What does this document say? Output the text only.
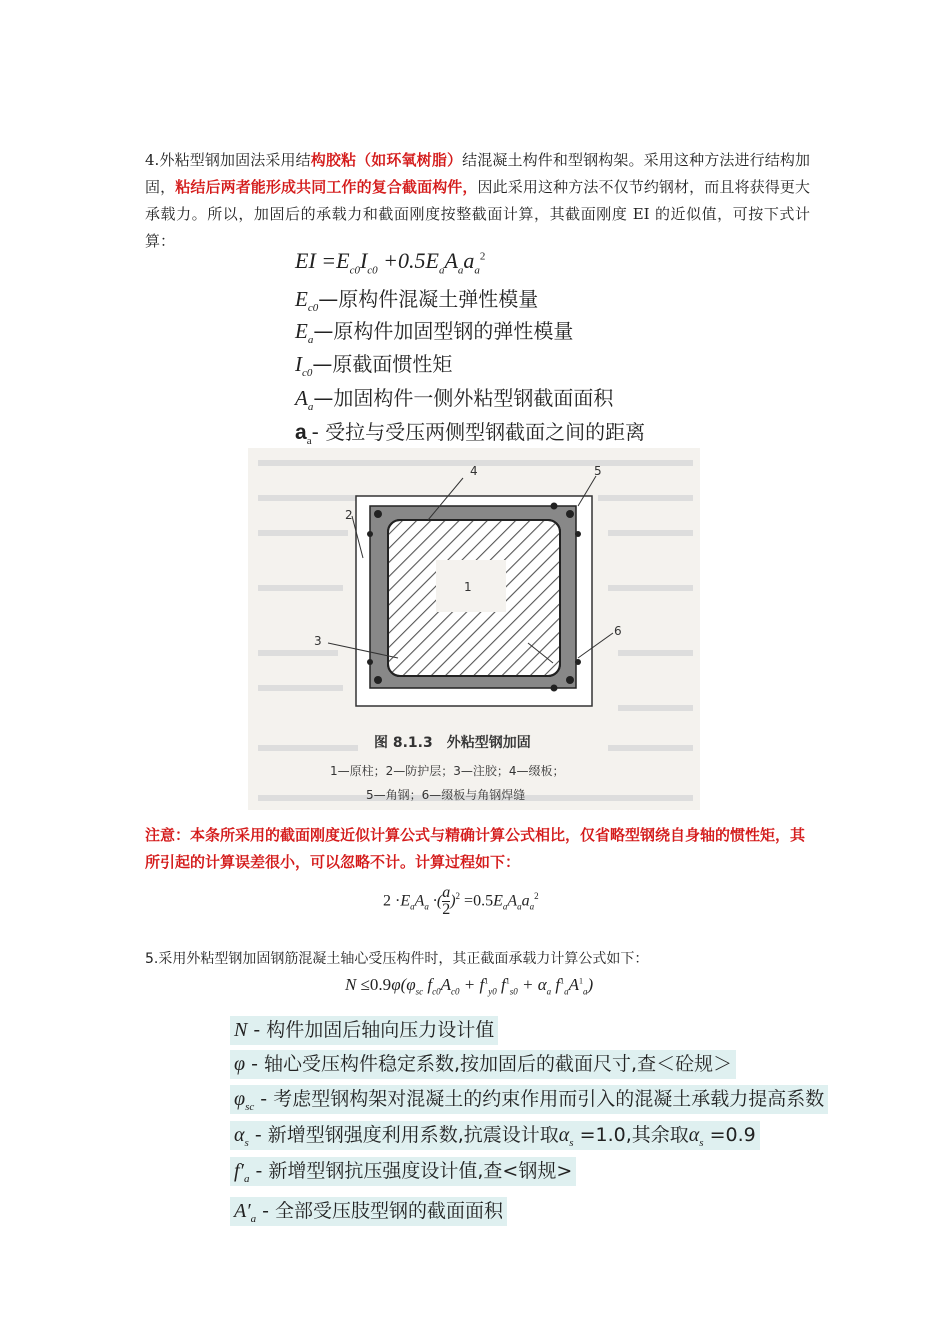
4.外粘型钢加固法采用结构胶粘（如环氧树脂）结混凝土构件和型钢构架。采用这种方法进行结构加固，粘结后两者能形成共同工作的复合截面构件，因此采用这种方法不仅节约钢材，而且将获得更大承载力。所以，加固后的承载力和截面刚度按整截面计算，其截面刚度 EI 的近似值，可按下式计算：
EI $=E_{c0}I_{c0} +0.5E_aA_aa_a^2$
$E_{c0}—$原构件混凝土弹性模量
$E_a—$原构件加固型钢的弹性模量
$I_{c0}—$原截面惯性矩
$A_a—$加固构件一侧外粘型钢截面面积
$a_a-$ 受拉与受压两侧型钢截面之间的距离
4	5
2
1
3
6
图 8.1.3　外粘型钢加固
1—原柱；2—防护层；3—注胶；4—缀板；
5—角钢；6—缀板与角钢焊缝
注意：本条所采用的截面刚度近似计算公式与精确计算公式相比，仅省略型钢绕自身轴的惯性矩，其所引起的计算误差很小，可以忽略不计。计算过程如下：
$2 \cdot E_aA_a$ ·( $\frac{a}{2} )^2 =0.5E_aA_aa_a^2$
5.采用外粘型钢加固钢筋混凝土轴心受压构件时，其正截面承载力计算公式如下：
$N \le 0.9\varphi(\varphi_{sc}$ $f_{c0}A_{c0} + f^1_{y0}$ $f^1_{s0} + \alpha_a$ $f^1_aA^1_a$)
N - 构件加固后轴向压力设计值
φ - 轴心受压构件稳定系数,按加固后的截面尺寸,查＜砼规＞
$\varphi_{sc}$ - 考虑型钢构架对混凝土的约束作用而引入的混凝土承载力提高系数
$\alpha_s$ - 新增型钢强度利用系数,抗震设计取$\alpha_s =1.0$,其余取$\alpha_s =0.9$
$f'_a$ - 新增型钢抗压强度设计值,查<钢规>
$A'_a$ - 全部受压肢型钢的截面面积
